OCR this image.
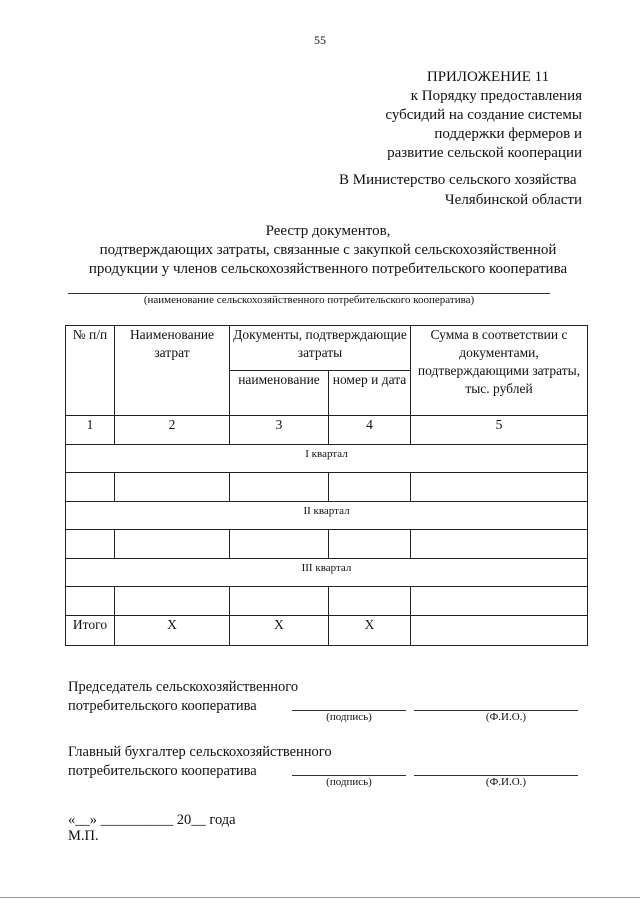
55
ПРИЛОЖЕНИЕ 11
к Порядку предоставления
субсидий на создание системы
поддержки фермеров и
развитие сельской кооперации
В Министерство сельского хозяйства
Челябинской области
Реестр документов,
подтверждающих затраты, связанные с закупкой сельскохозяйственной
продукции у членов сельскохозяйственного потребительского кооператива
(наименование сельскохозяйственного потребительского кооператива)
№ п/п	Наименование затрат	Документы, подтверждающие затраты		Сумма в соответствии с документами, подтверждающими затраты, тыс. рублей
		наименование	номер и дата	
1	2	3	4	5
I квартал				

II квартал				

III квартал				

Итого	Х	Х	Х	
Председатель сельскохозяйственного
потребительского кооператива
(подпись)	(Ф.И.О.)
Главный бухгалтер сельскохозяйственного
потребительского кооператива
(подпись)	(Ф.И.О.)
«__» __________ 20__ года
М.П.
